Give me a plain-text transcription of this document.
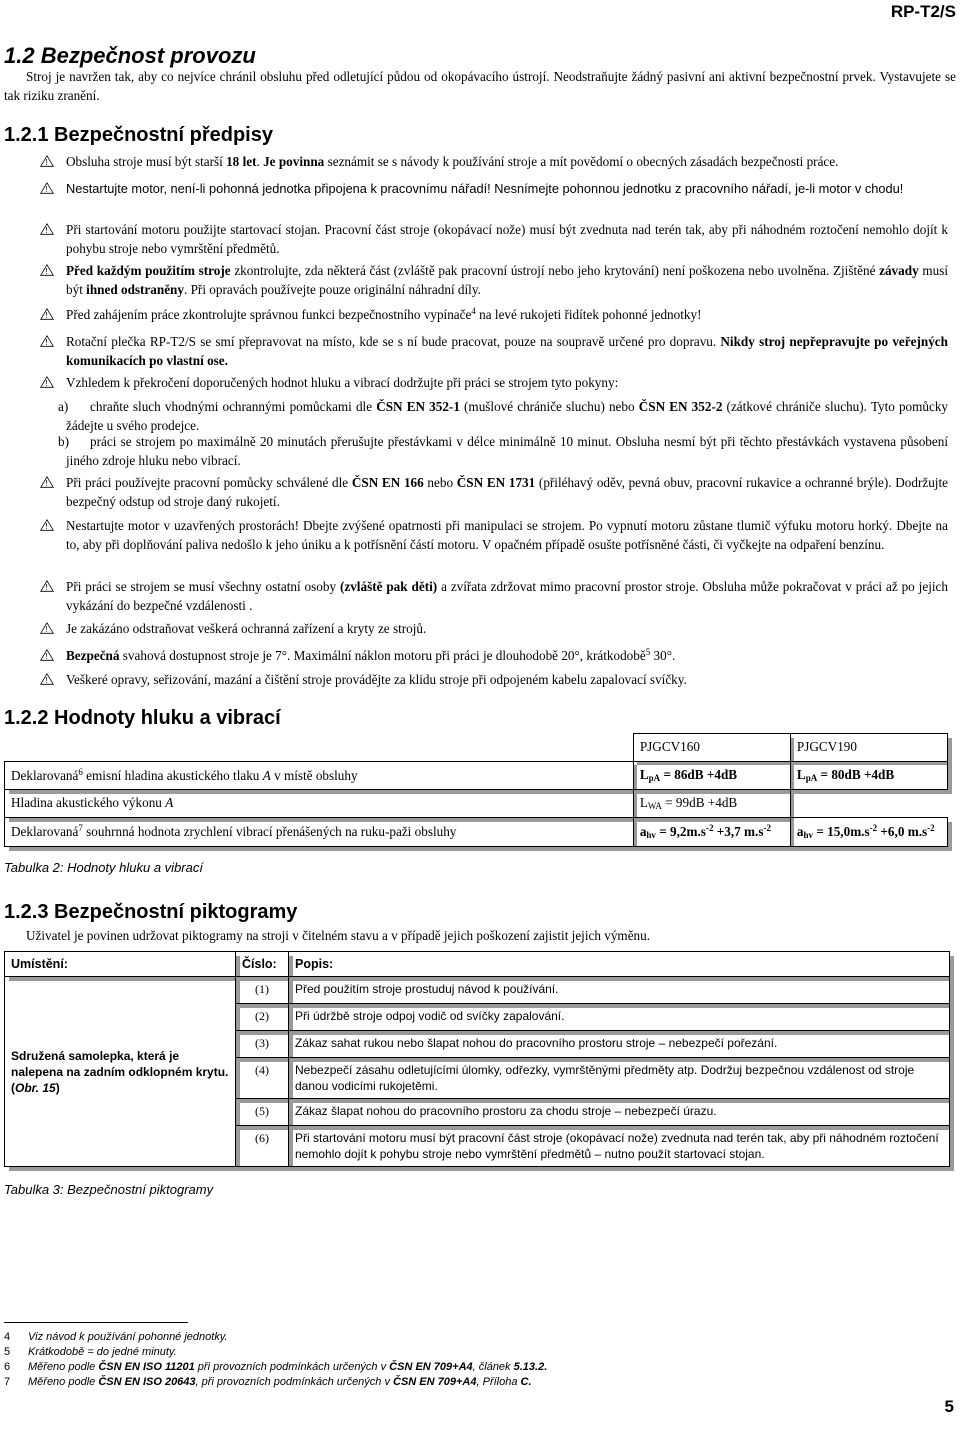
RP-T2/S
1.2 Bezpečnost provozu
Stroj je navržen tak, aby co nejvíce chránil obsluhu před odletující půdou od okopávacího ústrojí. Neodstraňujte žádný pasivní ani aktivní bezpečnostní prvek. Vystavujete se tak riziku zranění.
1.2.1 Bezpečnostní předpisy
! Obsluha stroje musí být starší 18 let. Je povinna seznámit se s návody k používání stroje a mít povědomí o obecných zásadách bezpečnosti práce.
! Nestartujte motor, není-li pohonná jednotka připojena k pracovnímu nářadí! Nesnímejte pohonnou jednotku z pracovního nářadí, je-li motor v chodu!
! Při startování motoru použijte startovací stojan. Pracovní část stroje (okopávací nože) musí být zvednuta nad terén tak, aby při náhodném roztočení nemohlo dojít k pohybu stroje nebo vymrštění předmětů.
! Před každým použitím stroje zkontrolujte, zda některá část (zvláště pak pracovní ústrojí nebo jeho krytování) není poškozena nebo uvolněna. Zjištěné závady musí být ihned odstraněny. Při opravách používejte pouze originální náhradní díly.
! Před zahájením práce zkontrolujte správnou funkci bezpečnostního vypínače$^4$ na levé rukojeti řidítek pohonné jednotky!
! Rotační plečka RP-T2/S se smí přepravovat na místo, kde se s ní bude pracovat, pouze na soupravě určené pro dopravu. Nikdy stroj nepřepravujte po veřejných komunikacích po vlastní ose.
! Vzhledem k překročení doporučených hodnot hluku a vibrací dodržujte při práci se strojem tyto pokyny:
a)	chraňte sluch vhodnými ochrannými pomůckami dle ČSN EN 352-1 (mušlové chrániče sluchu) nebo ČSN EN 352-2 (zátkové chrániče sluchu). Tyto pomůcky žádejte u svého prodejce.
b)	práci se strojem po maximálně 20 minutách přerušujte přestávkami v délce minimálně 10 minut. Obsluha nesmí být při těchto přestávkách vystavena působení jiného zdroje hluku nebo vibrací.
! Při práci používejte pracovní pomůcky schválené dle ČSN EN 166 nebo ČSN EN 1731 (přiléhavý oděv, pevná obuv, pracovní rukavice a ochranné brýle). Dodržujte bezpečný odstup od stroje daný rukojetí.
! Nestartujte motor v uzavřených prostorách! Dbejte zvýšené opatrnosti při manipulaci se strojem. Po vypnutí motoru zůstane tlumič výfuku motoru horký. Dbejte na to, aby při doplňování paliva nedošlo k jeho úniku a k potřísnění částí motoru. V opačném případě osušte potřísněné části, či vyčkejte na odpaření benzínu.
! Při práci se strojem se musí všechny ostatní osoby (zvláště pak děti) a zvířata zdržovat mimo pracovní prostor stroje. Obsluha může pokračovat v práci až po jejich vykázání do bezpečné vzdálenosti .
! Je zakázáno odstraňovat veškerá ochranná zařízení a kryty ze strojů.
! Bezpečná svahová dostupnost stroje je 7°. Maximální náklon motoru při práci je dlouhodobě 20°, krátkodobě$^5$ 30°.
! Veškeré opravy, seřizování, mazání a čištění stroje provádějte za klidu stroje při odpojeném kabelu zapalovací svíčky.
1.2.2 Hodnoty hluku a vibrací
	PJGCV160	PJGCV190
Deklarovaná$^6$ emisní hladina akustického tlaku A v místě obsluhy	$L_{pA} = 86dB +4dB$	$L_{pA} = 80dB +4dB$
Hladina akustického výkonu A	$L_{WA} = 99dB +4dB$	
Deklarovaná$^7$ souhrnná hodnota zrychlení vibrací přenášených na ruku-paži obsluhy	$a_{hv} = 9,2m.s^{-2} +3,7$ $m.s^{-2}$	$a_{hv} = 15,0m.s^{-2} +6,0$ $m.s^{-2}$
Tabulka 2: Hodnoty hluku a vibrací
1.2.3 Bezpečnostní piktogramy
Uživatel je povinen udržovat piktogramy na stroji v čitelném stavu a v případě jejich poškození zajistit jejich výměnu.
Umístění:	Číslo:	Popis:
Sdružená samolepka, která je nalepena na zadním odklopném krytu. (Obr. 15)	(1)	Před použitím stroje prostuduj návod k používání.
	(2)	Při údržbě stroje odpoj vodič od svíčky zapalování.
	(3)	Zákaz sahat rukou nebo šlapat nohou do pracovního prostoru stroje – nebezpečí pořezání.
	(4)	Nebezpečí zásahu odletujícími úlomky, odřezky, vymrštěnými předměty atp. Dodržuj bezpečnou vzdálenost od stroje danou vodicími rukojetěmi.
	(5)	Zákaz šlapat nohou do pracovního prostoru za chodu stroje – nebezpečí úrazu.
	(6)	Při startování motoru musí být pracovní část stroje (okopávací nože) zvednuta nad terén tak, aby při náhodném roztočení nemohlo dojít k pohybu stroje nebo vymrštění předmětů – nutno použít startovací stojan.
Tabulka 3: Bezpečnostní piktogramy
4 Viz návod k používání pohonné jednotky.
5 Krátkodobě = do jedné minuty.
6 Měřeno podle ČSN EN ISO 11201 při provozních podmínkách určených v ČSN EN 709+A4, článek 5.13.2.
7 Měřeno podle ČSN EN ISO 20643, při provozních podmínkách určených v ČSN EN 709+A4, Příloha C.
5
